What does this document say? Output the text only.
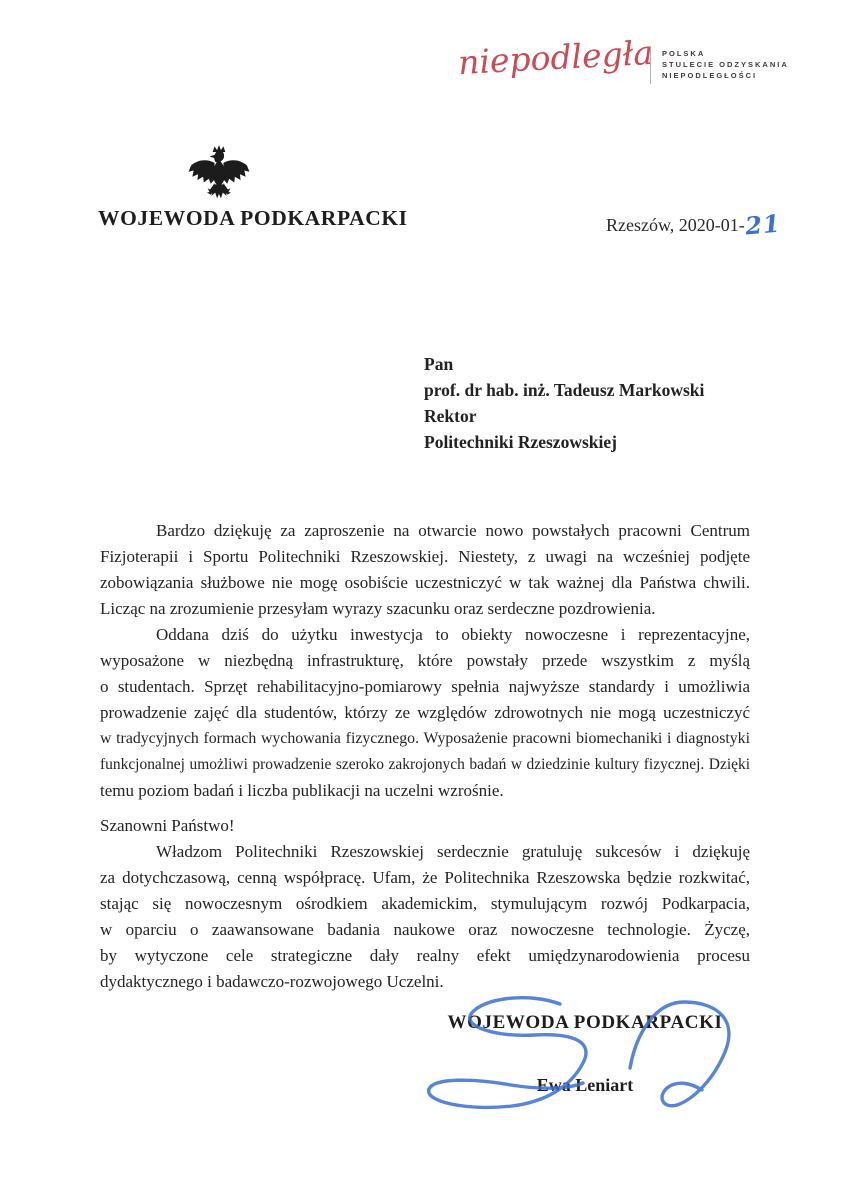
niepodległa POLSKA
STULECIE ODZYSKANIA
NIEPODLEGŁOŚCI
WOJEWODA PODKARPACKI	Rzeszów, 2020-01-21
Pan
prof. dr hab. inż. Tadeusz Markowski
Rektor
Politechniki Rzeszowskiej
Bardzo dziękuję za zaproszenie na otwarcie nowo powstałych pracowni Centrum
Fizjoterapii i Sportu Politechniki Rzeszowskiej. Niestety, z uwagi na wcześniej podjęte
zobowiązania służbowe nie mogę osobiście uczestniczyć w tak ważnej dla Państwa chwili.
Licząc na zrozumienie przesyłam wyrazy szacunku oraz serdeczne pozdrowienia.
Oddana dziś do użytku inwestycja to obiekty nowoczesne i reprezentacyjne,
wyposażone w niezbędną infrastrukturę, które powstały przede wszystkim z myślą
o studentach. Sprzęt rehabilitacyjno-pomiarowy spełnia najwyższe standardy i umożliwia
prowadzenie zajęć dla studentów, którzy ze względów zdrowotnych nie mogą uczestniczyć
w tradycyjnych formach wychowania fizycznego. Wyposażenie pracowni biomechaniki i diagnostyki
funkcjonalnej umożliwi prowadzenie szeroko zakrojonych badań w dziedzinie kultury fizycznej. Dzięki
temu poziom badań i liczba publikacji na uczelni wzrośnie.
Szanowni Państwo!
Władzom Politechniki Rzeszowskiej serdecznie gratuluję sukcesów i dziękuję
za dotychczasową, cenną współpracę. Ufam, że Politechnika Rzeszowska będzie rozkwitać,
stając się nowoczesnym ośrodkiem akademickim, stymulującym rozwój Podkarpacia,
w oparciu o zaawansowane badania naukowe oraz nowoczesne technologie. Życzę,
by wytyczone cele strategiczne dały realny efekt umiędzynarodowienia procesu
dydaktycznego i badawczo-rozwojowego Uczelni.
WOJEWODA PODKARPACKI
Ewa Leniart
